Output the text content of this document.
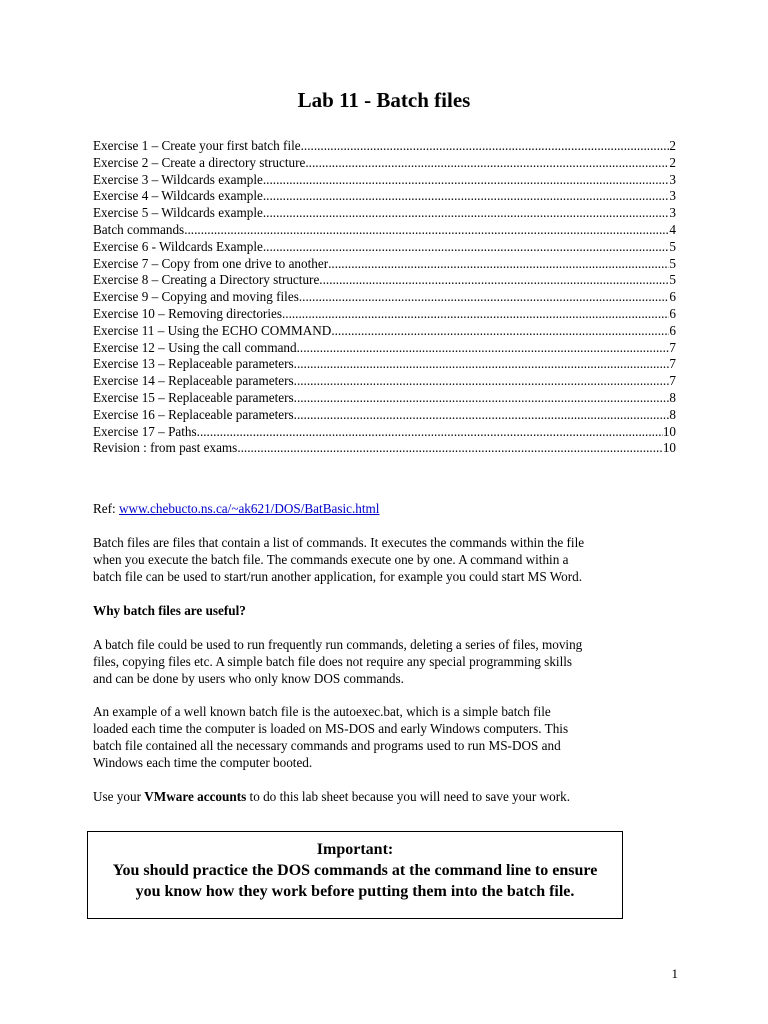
Lab 11 - Batch files
Exercise 1 – Create your first batch file .....	2
Exercise 2 – Create a directory structure .....	2
Exercise 3 – Wildcards example .....	3
Exercise 4 – Wildcards example .....	3
Exercise 5 – Wildcards example .....	3
Batch commands .....	4
Exercise 6 - Wildcards Example .....	5
Exercise 7 – Copy from one drive to another .....	5
Exercise 8 – Creating a Directory structure .....	5
Exercise 9 – Copying and moving files .....	6
Exercise 10 – Removing directories .....	6
Exercise 11 – Using the ECHO COMMAND .....	6
Exercise 12 – Using the call command .....	7
Exercise 13 – Replaceable parameters .....	7
Exercise 14 – Replaceable parameters .....	7
Exercise 15 – Replaceable parameters .....	8
Exercise 16 – Replaceable parameters .....	8
Exercise 17 – Paths .....	10
Revision : from past exams .....	10

Ref: www.chebucto.ns.ca/~ak621/DOS/BatBasic.html

Batch files are files that contain a list of commands. It executes the commands within the file

when you execute the batch file. The commands execute one by one. A command within a

batch file can be used to start/run another application, for example you could start MS Word.

Why batch files are useful?

A batch file could be used to run frequently run commands, deleting a series of files, moving

files, copying files etc. A simple batch file does not require any special programming skills

and can be done by users who only know DOS commands.

An example of a well known batch file is the autoexec.bat, which is a simple batch file

loaded each time the computer is loaded on MS-DOS and early Windows computers. This

batch file contained all the necessary commands and programs used to run MS-DOS and

Windows each time the computer booted.

Use your VMware accounts to do this lab sheet because you will need to save your work.

Important:
You should practice the DOS commands at the command line to ensure
you know how they work before putting them into the batch file.
1
